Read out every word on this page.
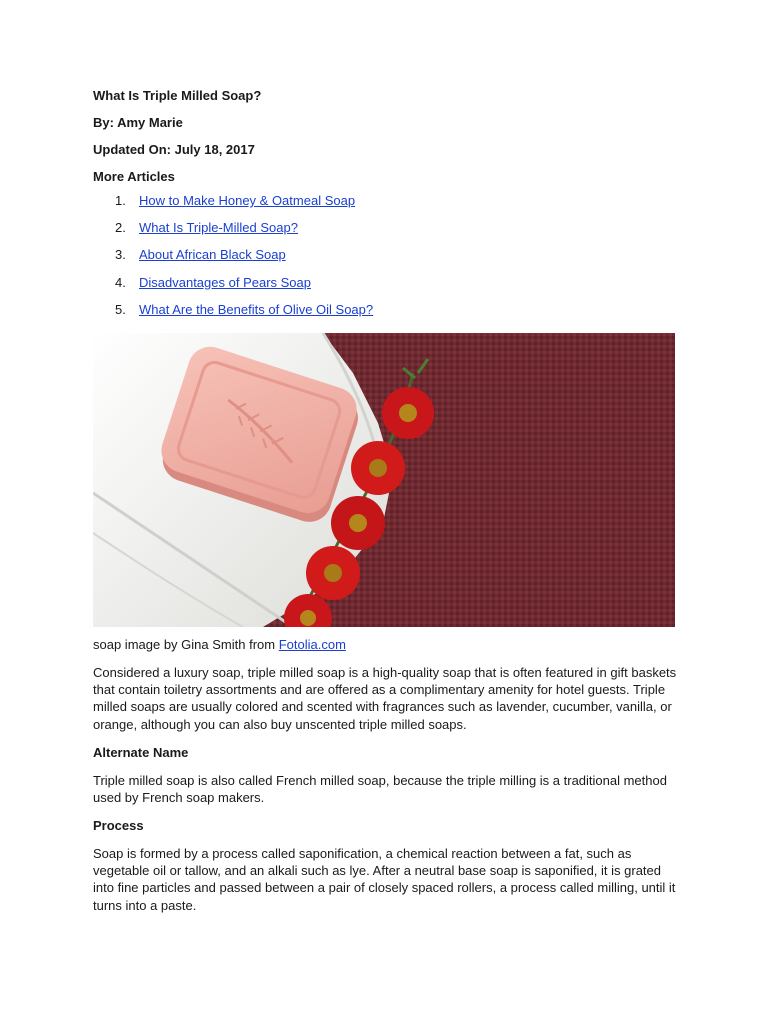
What Is Triple Milled Soap?

By: Amy Marie

Updated On: July 18, 2017

More Articles

1.	How to Make Honey & Oatmeal Soap
2.	What Is Triple-Milled Soap?
3.	About African Black Soap
4.	Disadvantages of Pears Soap
5.	What Are the Benefits of Olive Oil Soap?
soap image by Gina Smith from Fotolia.com

Considered a luxury soap, triple milled soap is a high-quality soap that is often featured in gift baskets that contain toiletry assortments and are offered as a complimentary amenity for hotel guests. Triple milled soaps are usually colored and scented with fragrances such as lavender, cucumber, vanilla, or orange, although you can also buy unscented triple milled soaps.

Alternate Name

Triple milled soap is also called French milled soap, because the triple milling is a traditional method used by French soap makers.

Process

Soap is formed by a process called saponification, a chemical reaction between a fat, such as vegetable oil or tallow, and an alkali such as lye. After a neutral base soap is saponified, it is grated into fine particles and passed between a pair of closely spaced rollers, a process called milling, until it turns into a paste.
